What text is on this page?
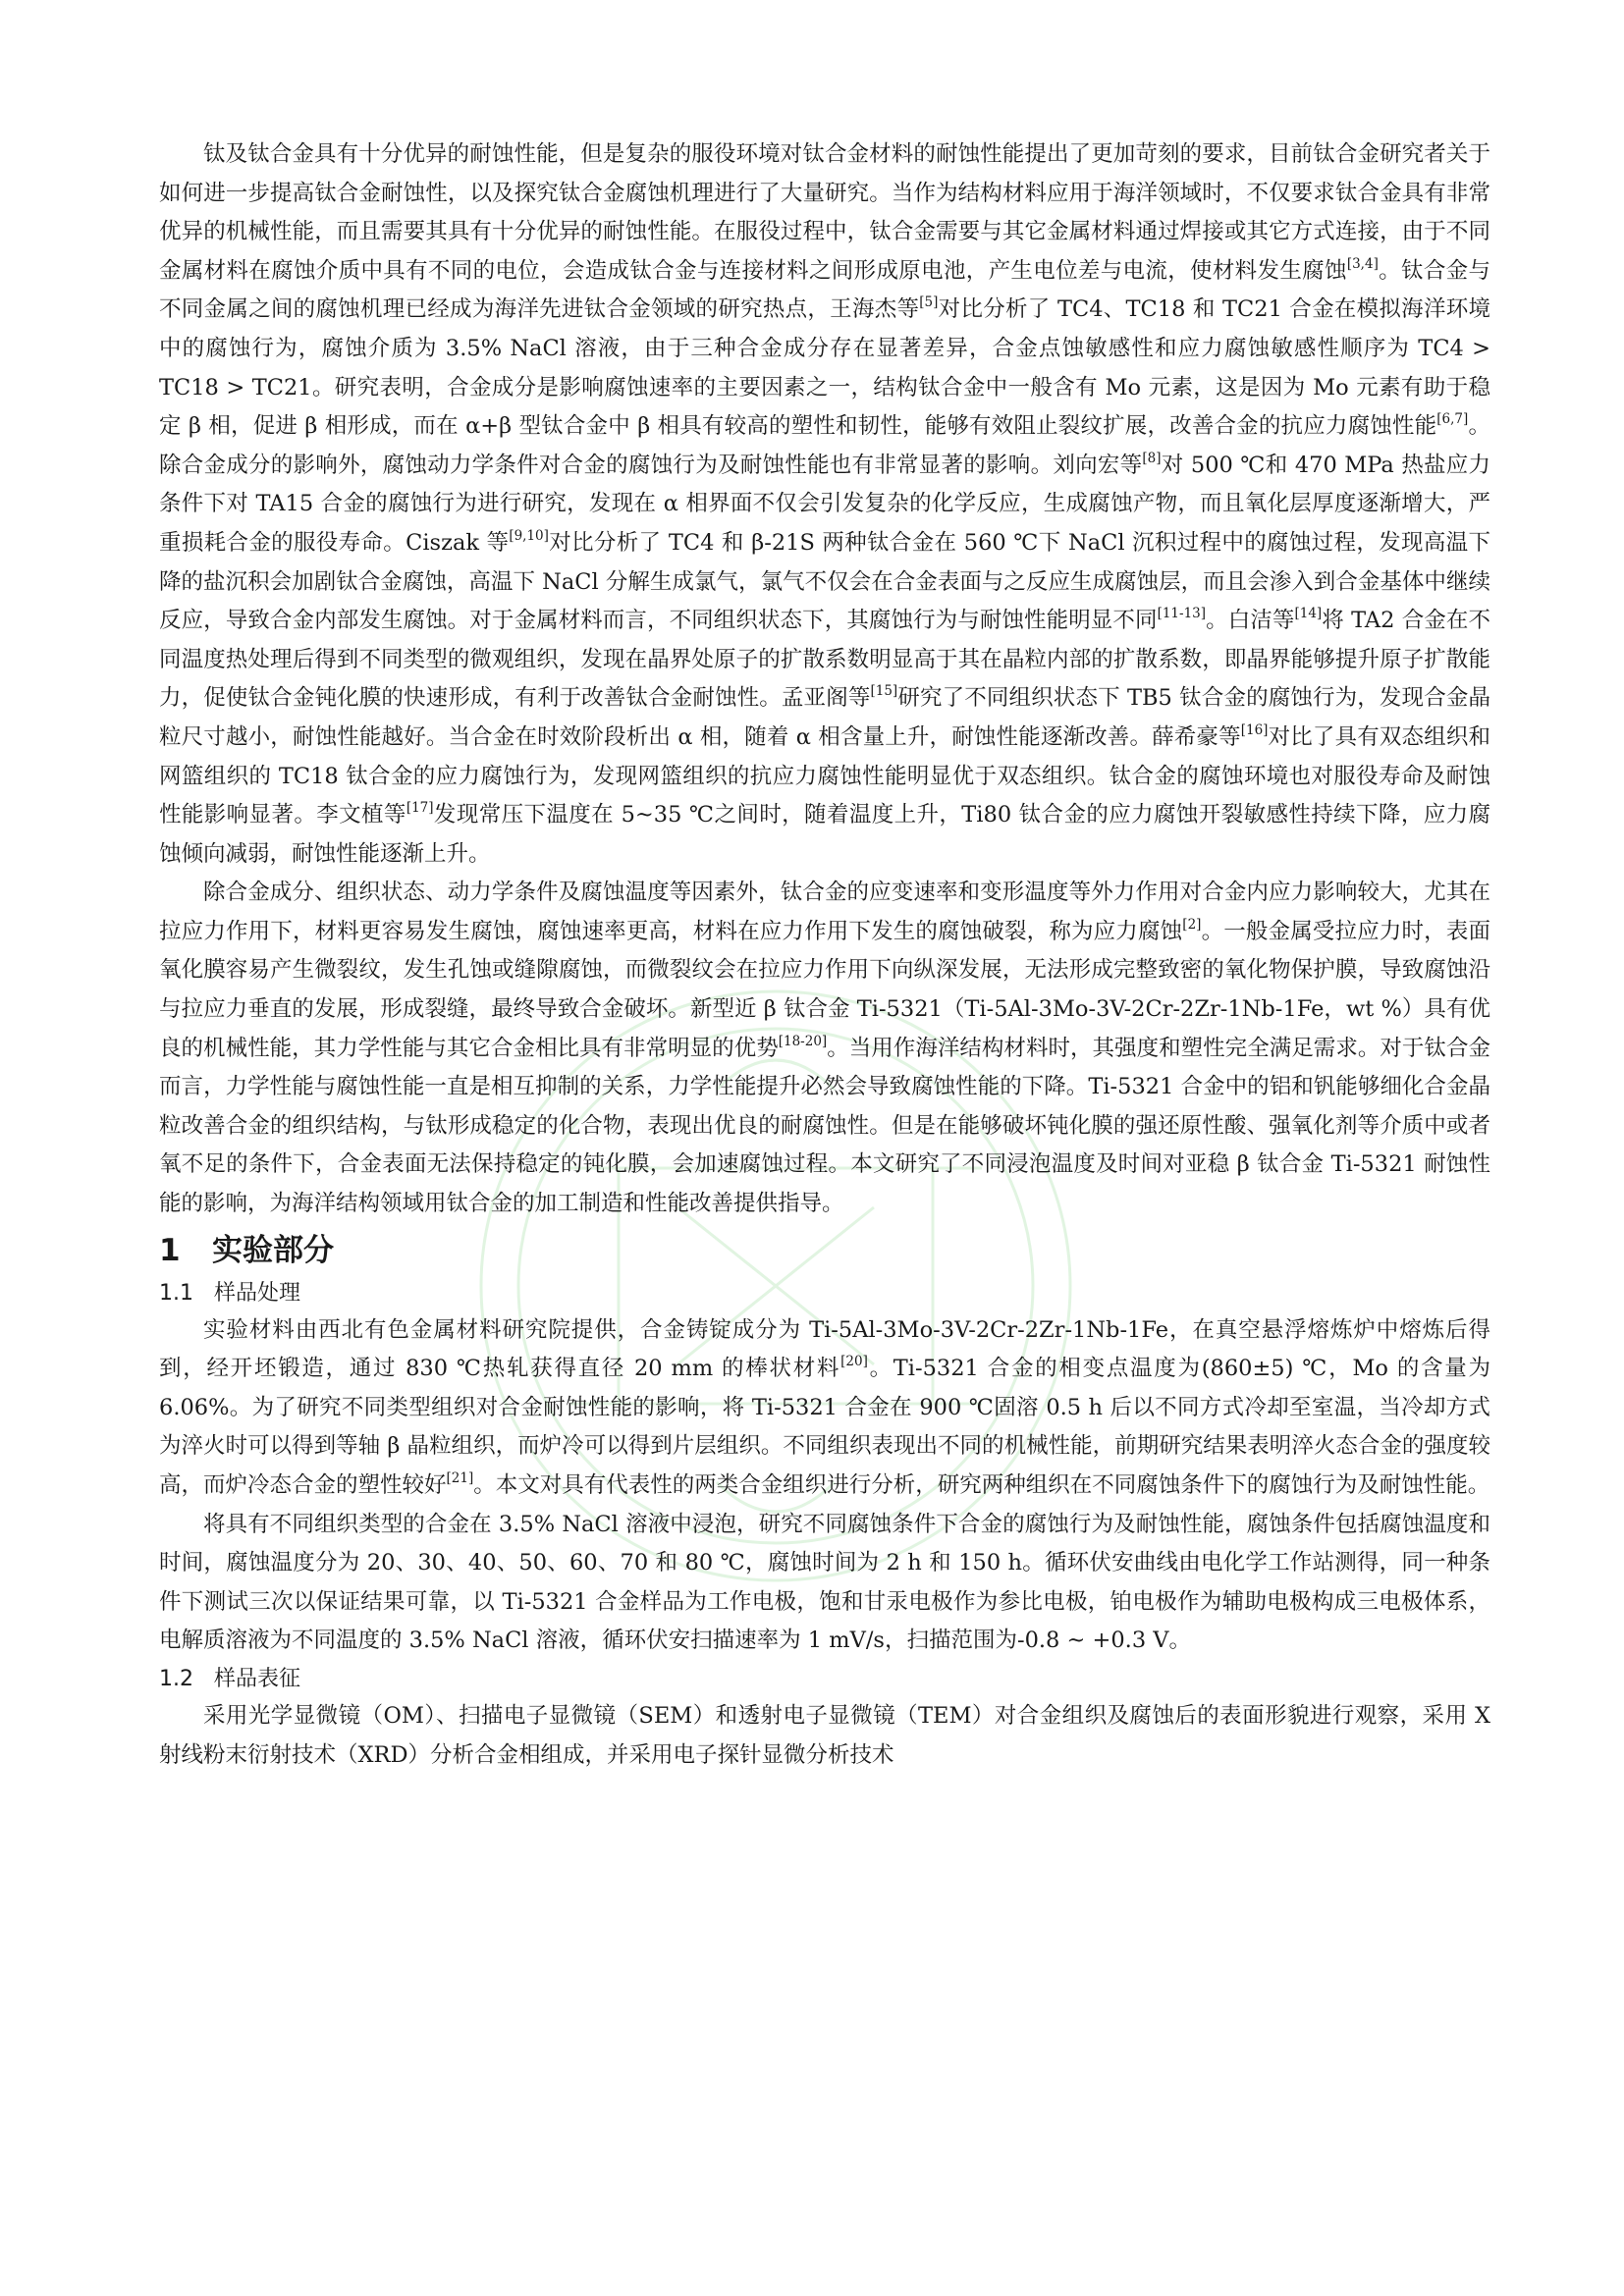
钛及钛合金具有十分优异的耐蚀性能，但是复杂的服役环境对钛合金材料的耐蚀性能提出了更加苛刻的要求，目前钛合金研究者关于如何进一步提高钛合金耐蚀性，以及探究钛合金腐蚀机理进行了大量研究。当作为结构材料应用于海洋领域时，不仅要求钛合金具有非常优异的机械性能，而且需要其具有十分优异的耐蚀性能。在服役过程中，钛合金需要与其它金属材料通过焊接或其它方式连接，由于不同金属材料在腐蚀介质中具有不同的电位，会造成钛合金与连接材料之间形成原电池，产生电位差与电流，使材料发生腐蚀[3,4]。钛合金与不同金属之间的腐蚀机理已经成为海洋先进钛合金领域的研究热点，王海杰等[5]对比分析了 TC4、TC18 和 TC21 合金在模拟海洋环境中的腐蚀行为，腐蚀介质为 3.5% NaCl 溶液，由于三种合金成分存在显著差异，合金点蚀敏感性和应力腐蚀敏感性顺序为 TC4 > TC18 > TC21。研究表明，合金成分是影响腐蚀速率的主要因素之一，结构钛合金中一般含有 Mo 元素，这是因为 Mo 元素有助于稳定 β 相，促进 β 相形成，而在 α+β 型钛合金中 β 相具有较高的塑性和韧性，能够有效阻止裂纹扩展，改善合金的抗应力腐蚀性能[6,7]。除合金成分的影响外，腐蚀动力学条件对合金的腐蚀行为及耐蚀性能也有非常显著的影响。刘向宏等[8]对 500 ℃和 470 MPa 热盐应力条件下对 TA15 合金的腐蚀行为进行研究，发现在 α 相界面不仅会引发复杂的化学反应，生成腐蚀产物，而且氧化层厚度逐渐增大，严重损耗合金的服役寿命。Ciszak 等[9,10]对比分析了 TC4 和 β-21S 两种钛合金在 560 ℃下 NaCl 沉积过程中的腐蚀过程，发现高温下降的盐沉积会加剧钛合金腐蚀，高温下 NaCl 分解生成氯气，氯气不仅会在合金表面与之反应生成腐蚀层，而且会渗入到合金基体中继续反应，导致合金内部发生腐蚀。对于金属材料而言，不同组织状态下，其腐蚀行为与耐蚀性能明显不同[11-13]。白洁等[14]将 TA2 合金在不同温度热处理后得到不同类型的微观组织，发现在晶界处原子的扩散系数明显高于其在晶粒内部的扩散系数，即晶界能够提升原子扩散能力，促使钛合金钝化膜的快速形成，有利于改善钛合金耐蚀性。孟亚阁等[15]研究了不同组织状态下 TB5 钛合金的腐蚀行为，发现合金晶粒尺寸越小，耐蚀性能越好。当合金在时效阶段析出 α 相，随着 α 相含量上升，耐蚀性能逐渐改善。薛希豪等[16]对比了具有双态组织和网篮组织的 TC18 钛合金的应力腐蚀行为，发现网篮组织的抗应力腐蚀性能明显优于双态组织。钛合金的腐蚀环境也对服役寿命及耐蚀性能影响显著。李文植等[17]发现常压下温度在 5~35 ℃之间时，随着温度上升，Ti80 钛合金的应力腐蚀开裂敏感性持续下降，应力腐蚀倾向减弱，耐蚀性能逐渐上升。

除合金成分、组织状态、动力学条件及腐蚀温度等因素外，钛合金的应变速率和变形温度等外力作用对合金内应力影响较大，尤其在拉应力作用下，材料更容易发生腐蚀，腐蚀速率更高，材料在应力作用下发生的腐蚀破裂，称为应力腐蚀[2]。一般金属受拉应力时，表面氧化膜容易产生微裂纹，发生孔蚀或缝隙腐蚀，而微裂纹会在拉应力作用下向纵深发展，无法形成完整致密的氧化物保护膜，导致腐蚀沿与拉应力垂直的发展，形成裂缝，最终导致合金破坏。新型近 β 钛合金 Ti-5321（Ti-5Al-3Mo-3V-2Cr-2Zr-1Nb-1Fe，wt %）具有优良的机械性能，其力学性能与其它合金相比具有非常明显的优势[18-20]。当用作海洋结构材料时，其强度和塑性完全满足需求。对于钛合金而言，力学性能与腐蚀性能一直是相互抑制的关系，力学性能提升必然会导致腐蚀性能的下降。Ti-5321 合金中的铝和钒能够细化合金晶粒改善合金的组织结构，与钛形成稳定的化合物，表现出优良的耐腐蚀性。但是在能够破坏钝化膜的强还原性酸、强氧化剂等介质中或者氧不足的条件下，合金表面无法保持稳定的钝化膜，会加速腐蚀过程。本文研究了不同浸泡温度及时间对亚稳 β 钛合金 Ti-5321 耐蚀性能的影响，为海洋结构领域用钛合金的加工制造和性能改善提供指导。

1 实验部分
1.1 样品处理

实验材料由西北有色金属材料研究院提供，合金铸锭成分为 Ti-5Al-3Mo-3V-2Cr-2Zr-1Nb-1Fe，在真空悬浮熔炼炉中熔炼后得到，经开坯锻造，通过 830 ℃热轧获得直径 20 mm 的棒状材料[20]。Ti-5321 合金的相变点温度为(860±5) ℃，Mo 的含量为 6.06%。为了研究不同类型组织对合金耐蚀性能的影响，将 Ti-5321 合金在 900 ℃固溶 0.5 h 后以不同方式冷却至室温，当冷却方式为淬火时可以得到等轴 β 晶粒组织，而炉冷可以得到片层组织。不同组织表现出不同的机械性能，前期研究结果表明淬火态合金的强度较高，而炉冷态合金的塑性较好[21]。本文对具有代表性的两类合金组织进行分析，研究两种组织在不同腐蚀条件下的腐蚀行为及耐蚀性能。

将具有不同组织类型的合金在 3.5% NaCl 溶液中浸泡，研究不同腐蚀条件下合金的腐蚀行为及耐蚀性能，腐蚀条件包括腐蚀温度和时间，腐蚀温度分为 20、30、40、50、60、70 和 80 ℃，腐蚀时间为 2 h 和 150 h。循环伏安曲线由电化学工作站测得，同一种条件下测试三次以保证结果可靠，以 Ti-5321 合金样品为工作电极，饱和甘汞电极作为参比电极，铂电极作为辅助电极构成三电极体系，电解质溶液为不同温度的 3.5% NaCl 溶液，循环伏安扫描速率为 1 mV/s，扫描范围为-0.8 ~ +0.3 V。

1.2 样品表征

采用光学显微镜（OM）、扫描电子显微镜（SEM）和透射电子显微镜（TEM）对合金组织及腐蚀后的表面形貌进行观察，采用 X 射线粉末衍射技术（XRD）分析合金相组成，并采用电子探针显微分析技术
